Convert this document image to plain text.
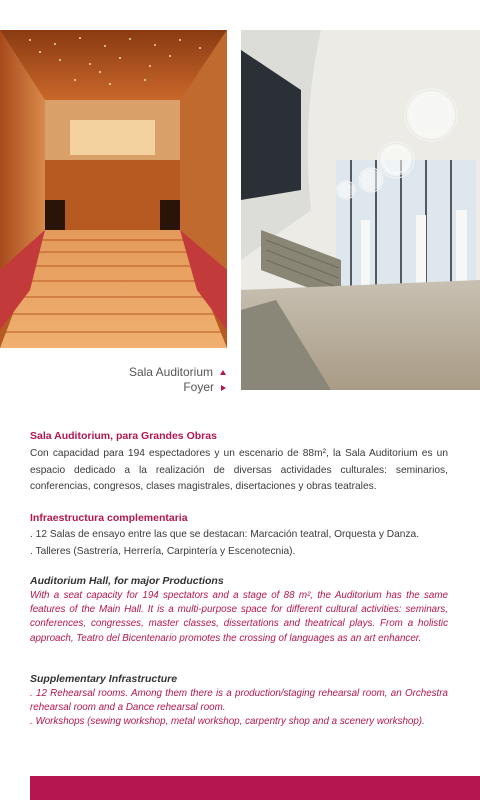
Sala Auditorium
Foyer
Sala Auditorium, para Grandes Obras

Con capacidad para 194 espectadores y un escenario de 88m², la Sala Auditorium es un espacio dedicado a la realización de diversas actividades culturales: seminarios, conferencias, congresos, clases magistrales, disertaciones y obras teatrales.

Infraestructura complementaria

. 12 Salas de ensayo entre las que se destacan: Marcación teatral, Orquesta y Danza.

. Talleres (Sastrería, Herrería, Carpintería y Escenotecnia).

Auditorium Hall, for major Productions

With a seat capacity for 194 spectators and a stage of 88 m², the Auditorium has the same features of the Main Hall. It is a multi-purpose space for different cultural activities: seminars, conferences, congresses, master classes, dissertations and theatrical plays. From a holistic approach, Teatro del Bicentenario promotes the crossing of languages as an art enhancer.

Supplementary Infrastructure

. 12 Rehearsal rooms. Among them there is a production/staging rehearsal room, an Orchestra rehearsal room and a Dance rehearsal room.

. Workshops (sewing workshop, metal workshop, carpentry shop and a scenery workshop).
